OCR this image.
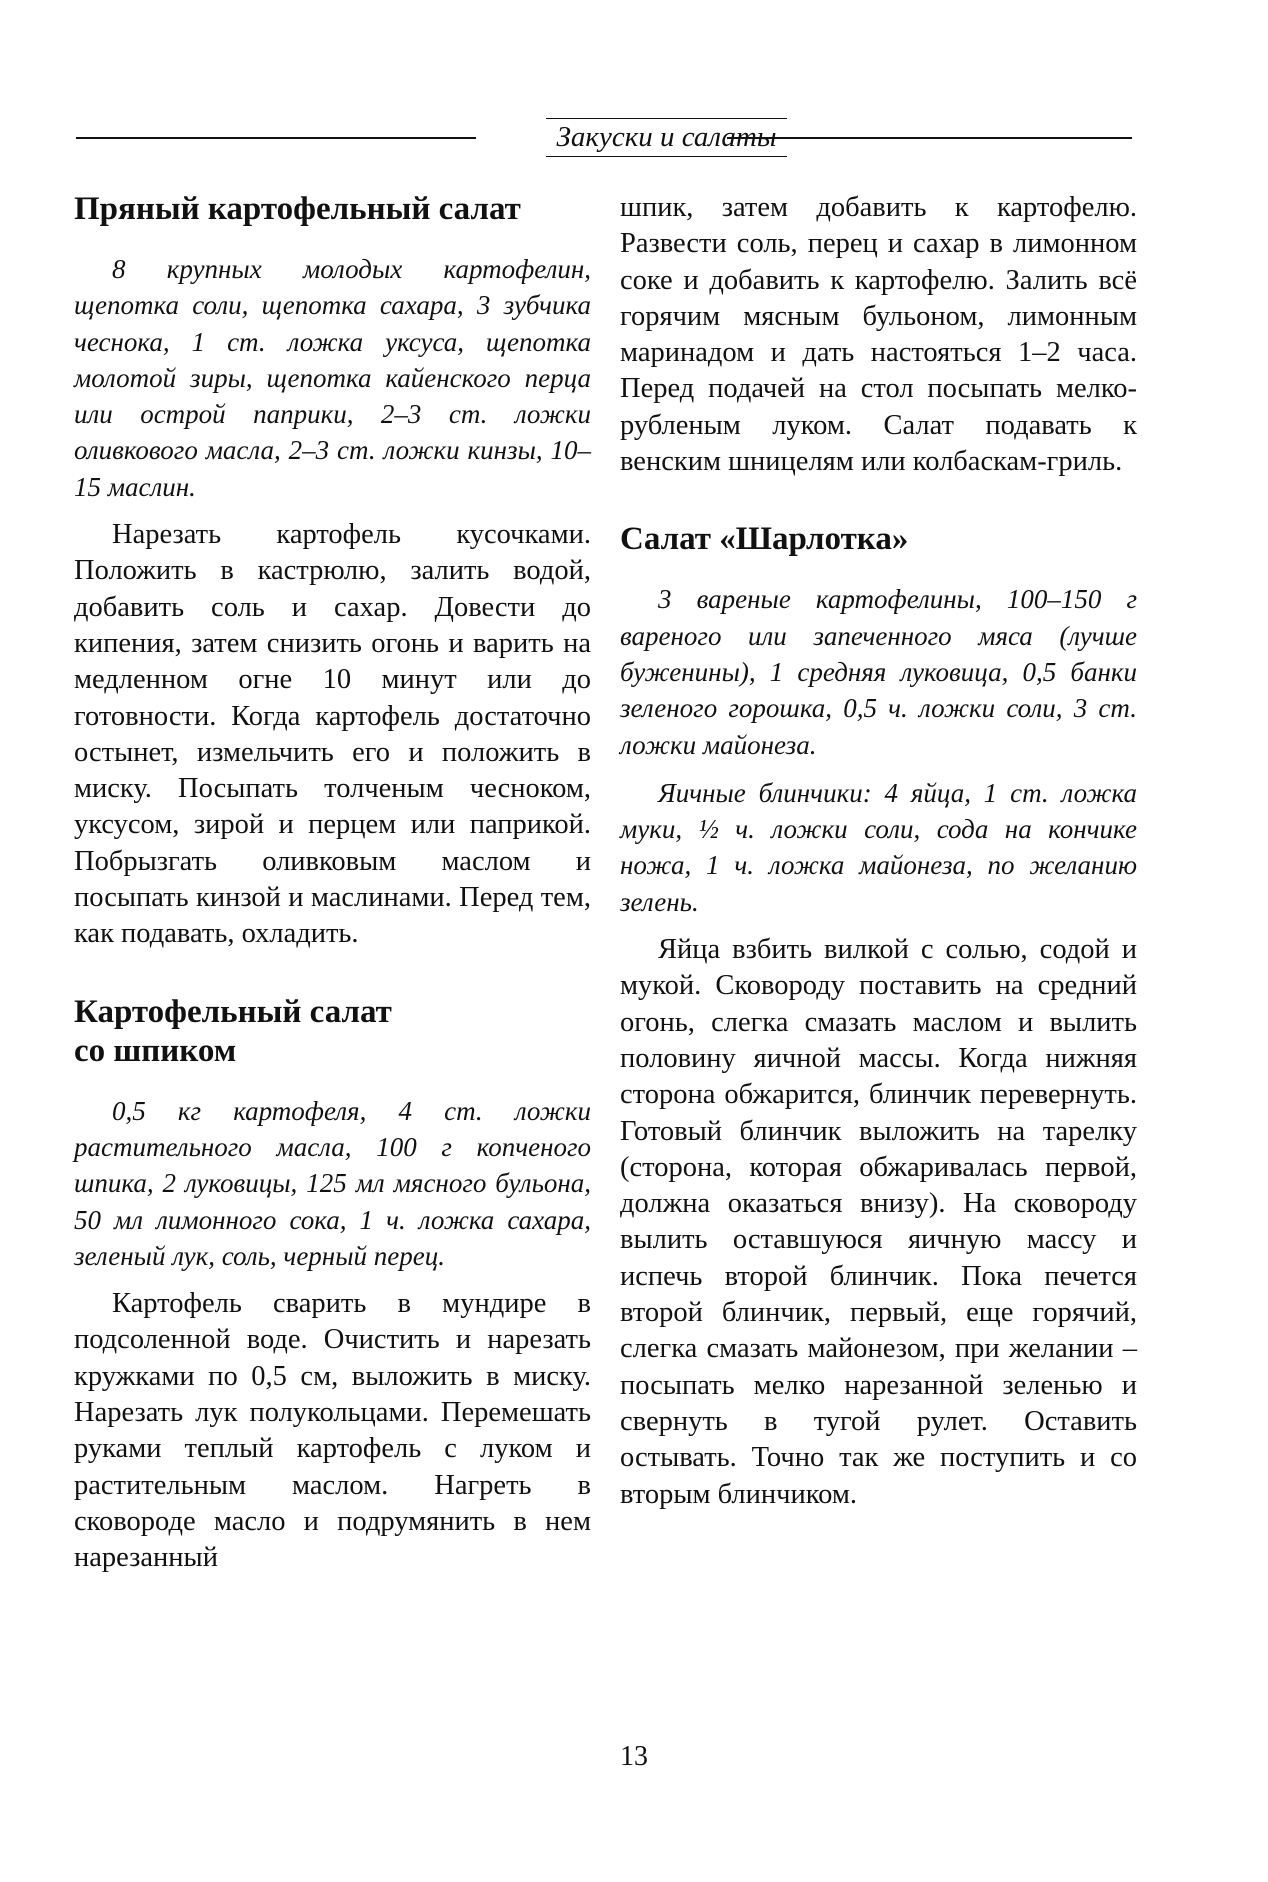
Закуски и салаты
Пряный картофельный салат

8 крупных молодых картофелин, щепотка соли, щепотка сахара, 3 зубчика чеснока, 1 ст. ложка уксуса, щепотка молотой зиры, щепотка кайенского перца или острой паприки, 2–3 ст. ложки оливкового масла, 2–3 ст. ложки кинзы, 10–15 маслин.

Нарезать картофель кусочками. Положить в кастрюлю, залить водой, добавить соль и сахар. Довести до кипения, затем снизить огонь и варить на медленном огне 10 минут или до готовности. Когда картофель достаточно остынет, измельчить его и положить в миску. Посыпать толченым чесноком, уксусом, зирой и перцем или паприкой. Побрызгать оливковым маслом и посыпать кинзой и маслинами. Перед тем, как подавать, охладить.

Картофельный салат
со шпиком

0,5 кг картофеля, 4 ст. ложки растительного масла, 100 г копченого шпика, 2 луковицы, 125 мл мясного бульона, 50 мл лимонного сока, 1 ч. ложка сахара, зеленый лук, соль, черный перец.

Картофель сварить в мундире в подсоленной воде. Очистить и нарезать кружками по 0,5 см, выложить в миску. Нарезать лук полукольцами. Перемешать руками теплый картофель с луком и растительным маслом. Нагреть в сковороде масло и подрумянить в нем нарезанный

шпик, затем добавить к картофелю. Развести соль, перец и сахар в лимонном соке и добавить к картофелю. Залить всё горячим мясным бульоном, лимонным маринадом и дать настояться 1–2 часа. Перед подачей на стол посыпать мелкорубленым луком. Салат подавать к венским шницелям или колбаскам-гриль.

Салат «Шарлотка»

3 вареные картофелины, 100–150 г вареного или запеченного мяса (лучше буженины), 1 средняя луковица, 0,5 банки зеленого горошка, 0,5 ч. ложки соли, 3 ст. ложки майонеза.

Яичные блинчики: 4 яйца, 1 ст. ложка муки, ½ ч. ложки соли, сода на кончике ножа, 1 ч. ложка майонеза, по желанию зелень.

Яйца взбить вилкой с солью, содой и мукой. Сковороду поставить на средний огонь, слегка смазать маслом и вылить половину яичной массы. Когда нижняя сторона обжарится, блинчик перевернуть. Готовый блинчик выложить на тарелку (сторона, которая обжаривалась первой, должна оказаться внизу). На сковороду вылить оставшуюся яичную массу и испечь второй блинчик. Пока печется второй блинчик, первый, еще горячий, слегка смазать майонезом, при желании – посыпать мелко нарезанной зеленью и свернуть в тугой рулет. Оставить остывать. Точно так же поступить и со вторым блинчиком.

13
